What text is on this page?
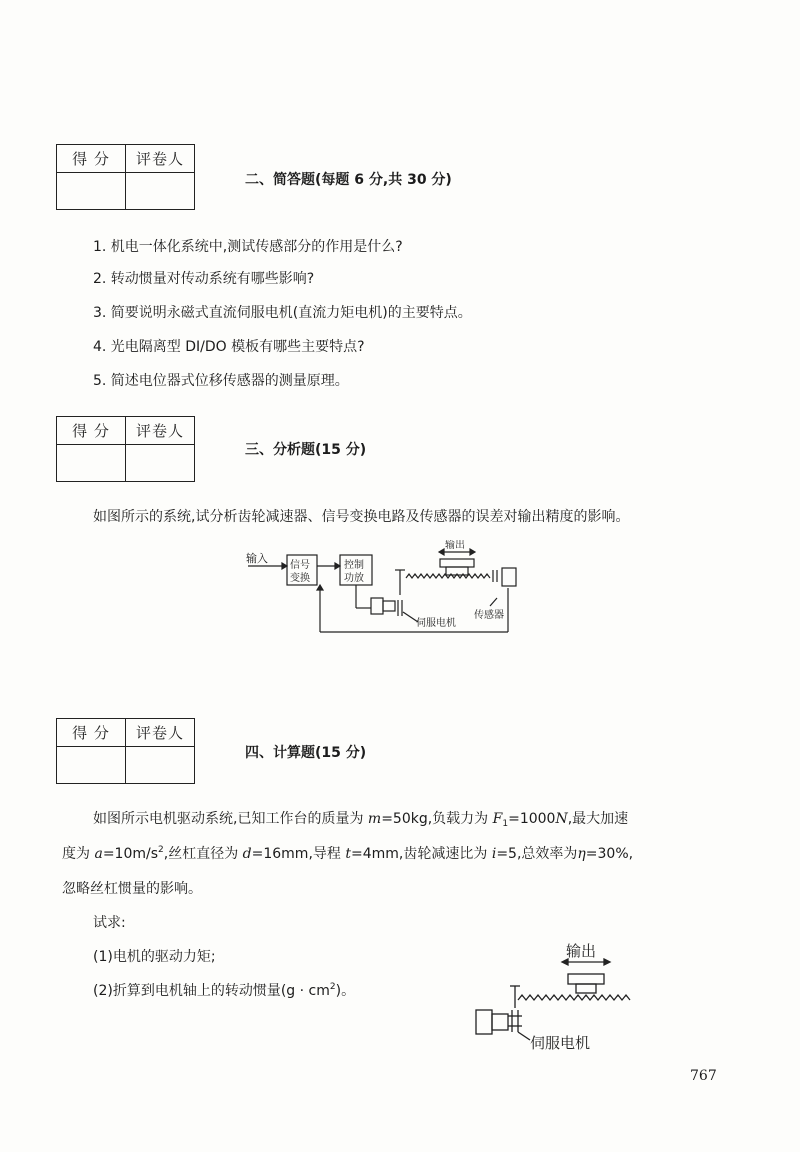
得 分	评卷人

二、简答题(每题 6 分,共 30 分)
1. 机电一体化系统中,测试传感部分的作用是什么?
2. 转动惯量对传动系统有哪些影响?
3. 简要说明永磁式直流伺服电机(直流力矩电机)的主要特点。
4. 光电隔离型 DI/DO 模板有哪些主要特点?
5. 简述电位器式位移传感器的测量原理。
得 分	评卷人

三、分析题(15 分)
如图所示的系统,试分析齿轮减速器、信号变换电路及传感器的误差对输出精度的影响。
输入
信号
变换
控制
功放
输出
伺服电机
传感器
得 分	评卷人

四、计算题(15 分)
如图所示电机驱动系统,已知工作台的质量为 m=50kg,负载力为 $F_1=1000N$,最大加速
度为 $a=10m/s^2$,丝杠直径为 d=16mm,导程 t=4mm,齿轮减速比为 i=5,总效率为η=30%,
忽略丝杠惯量的影响。
试求:
(1)电机的驱动力矩;
(2)折算到电机轴上的转动惯量$(g \cdot cm^2)$。
输出
伺服电机
767
